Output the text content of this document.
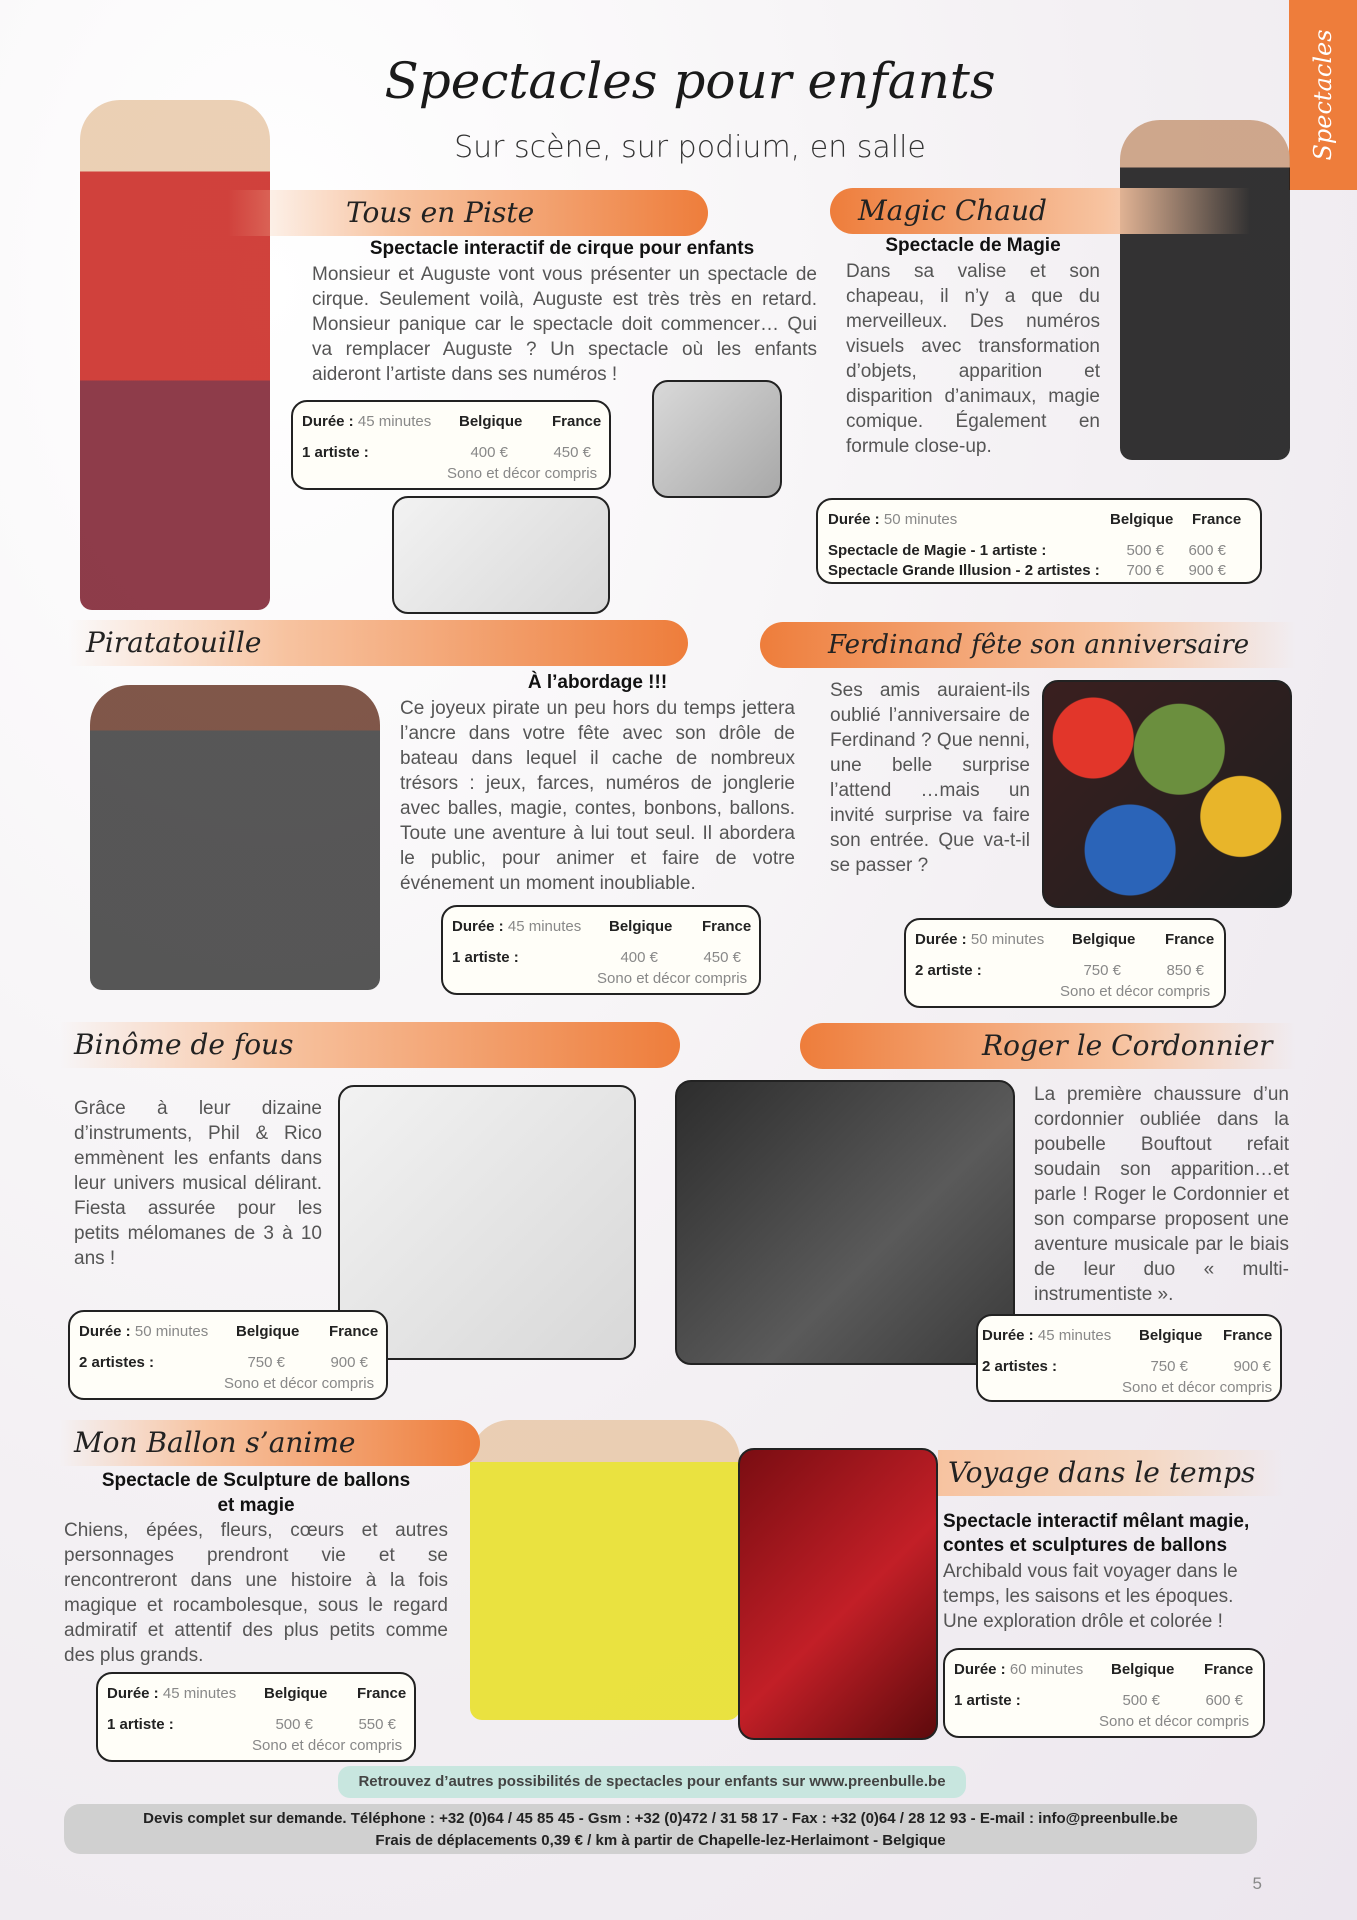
Spectacles pour enfants
Sur scène, sur podium, en salle	Spectacles
Tous en Piste
Spectacle interactif de cirque pour enfants
Monsieur et Auguste vont vous présenter un spectacle de cirque. Seulement voilà, Auguste est très très en retard. Monsieur panique car le spectacle doit commencer… Qui va remplacer Auguste ? Un spectacle où les enfants aideront l’artiste dans ses numéros !
Durée : 45 minutes Belgique France
1 artiste :	400 €	450 €
Sono et décor compris
Magic Chaud
Spectacle de Magie
Dans sa valise et son chapeau, il n’y a que du merveilleux. Des numéros visuels avec transformation d’objets, apparition et disparition d’animaux, magie comique. Également en formule close-up.
Durée : 50 minutes	Belgique France
Spectacle de Magie - 1 artiste :	500 €	600 €
Spectacle Grande Illusion - 2 artistes :	700 €	900 €
Piratatouille
À l’abordage !!!
Ce joyeux pirate un peu hors du temps jettera l’ancre dans votre fête avec son drôle de bateau dans lequel il cache de nombreux trésors : jeux, farces, numéros de jonglerie avec balles, magie, contes, bonbons, ballons. Toute une aventure à lui tout seul. Il abordera le public, pour animer et faire de votre événement un moment inoubliable.
Durée : 45 minutes Belgique France
1 artiste :	400 €	450 €
Sono et décor compris
Ferdinand fête son anniversaire
Ses amis auraient-ils oublié l’anniversaire de Ferdinand ? Que nenni, une belle surprise l’attend …mais un invité surprise va faire son entrée. Que va-t-il se passer ?
Durée : 50 minutes Belgique France
2 artiste :	750 €	850 €
Sono et décor compris
Binôme de fous
Grâce à leur dizaine d’instruments, Phil & Rico emmènent les enfants dans leur univers musical délirant. Fiesta assurée pour les petits mélomanes de 3 à 10 ans !
Durée : 50 minutes Belgique France
2 artistes :	750 €	900 €
Sono et décor compris
Roger le Cordonnier
La première chaussure d’un cordonnier oubliée dans la poubelle Bouftout refait soudain son apparition…et parle ! Roger le Cordonnier et son comparse proposent une aventure musicale par le biais de leur duo « multi-instrumentiste ».
Durée : 45 minutes Belgique France
2 artistes :	750 €	900 €
Sono et décor compris
Mon Ballon s’anime
Spectacle de Sculpture de ballons
et magie
Chiens, épées, fleurs, cœurs et autres personnages prendront vie et se rencontreront dans une histoire à la fois magique et rocambolesque, sous le regard admiratif et attentif des plus petits comme des plus grands.
Durée : 45 minutes Belgique France
1 artiste :	500 €	550 €
Sono et décor compris
Voyage dans le temps
Spectacle interactif mêlant magie, contes et sculptures de ballons
Archibald vous fait voyager dans le temps, les saisons et les époques. Une exploration drôle et colorée !
Durée : 60 minutes Belgique France
1 artiste :	500 €	600 €
Sono et décor compris
Retrouvez d’autres possibilités de spectacles pour enfants sur www.preenbulle.be
Devis complet sur demande. Téléphone : +32 (0)64 / 45 85 45 - Gsm : +32 (0)472 / 31 58 17 - Fax : +32 (0)64 / 28 12 93 - E-mail : info@preenbulle.be
Frais de déplacements 0,39 € / km à partir de Chapelle-lez-Herlaimont - Belgique
5
